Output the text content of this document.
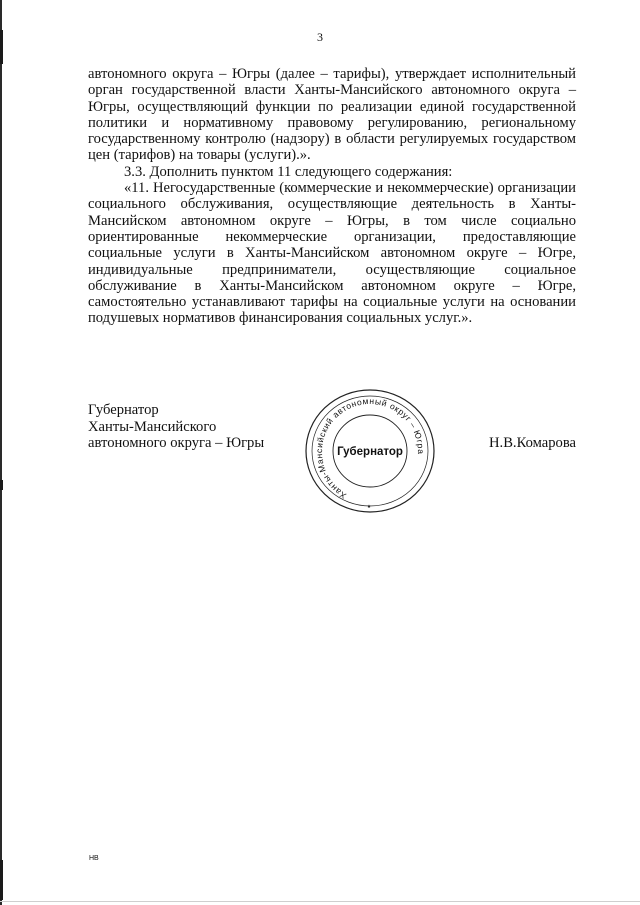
3

автономного округа – Югры (далее – тарифы), утверждает исполнительный орган государственной власти Ханты-Мансийского автономного округа – Югры, осуществляющий функции по реализации единой государственной политики и нормативному правовому регулированию, региональному государственному контролю (надзору) в области регулируемых государством цен (тарифов) на товары (услуги).».

3.3. Дополнить пунктом 11 следующего содержания:

«11. Негосударственные (коммерческие и некоммерческие) организации социального обслуживания, осуществляющие деятельность в Ханты-Мансийском автономном округе – Югры, в том числе социально ориентированные некоммерческие организации, предоставляющие социальные услуги в Ханты-Мансийском автономном округе – Югре, индивидуальные предприниматели, осуществляющие социальное обслуживание в Ханты-Мансийском автономном округе – Югре, самостоятельно устанавливают тарифы на социальные услуги на основании подушевых нормативов финансирования социальных услуг.».

Губернатор
Ханты-Мансийского
автономного округа – Югры
Ханты-Мансийский автономный округ – Югра
Губернатор
★
Н.В.Комарова
НВ
